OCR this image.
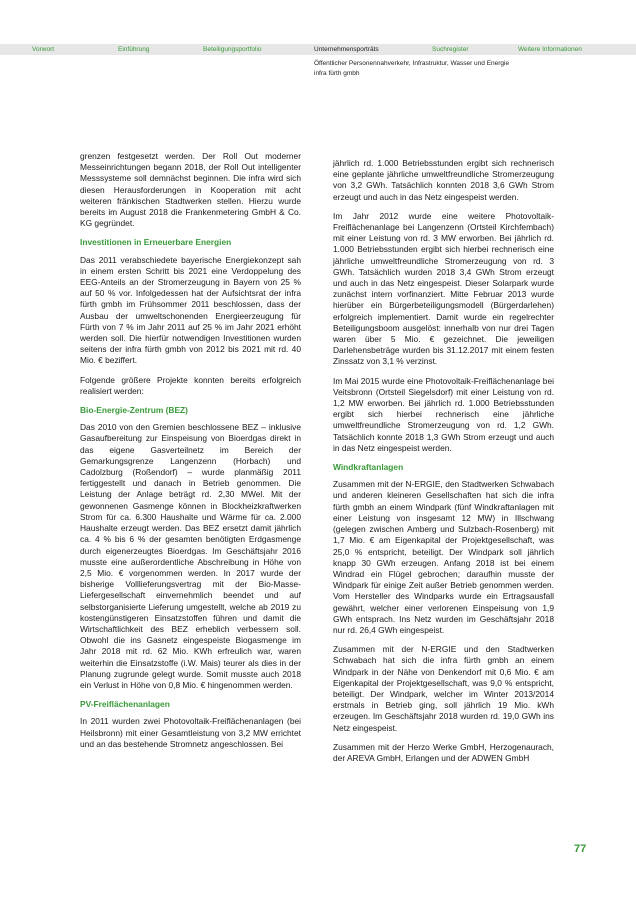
Vorwort	Einführung	Beteiligungsportfolio	Unternehmensporträts	Suchregister	Weitere Informationen
Öffentlicher Personennahverkehr, Infrastruktur, Wasser und Energie
infra fürth gmbh

grenzen festgesetzt werden. Der Roll Out moderner Messeinrichtungen begann 2018, der Roll Out intelligenter Messsysteme soll demnächst beginnen. Die infra wird sich diesen Herausforderungen in Kooperation mit acht weiteren fränkischen Stadtwerken stellen. Hierzu wurde bereits im August 2018 die Frankenmetering GmbH & Co. KG gegründet.

Investitionen in Erneuerbare Energien

Das 2011 verabschiedete bayerische Energiekonzept sah in einem ersten Schritt bis 2021 eine Verdoppelung des EEG-Anteils an der Stromerzeugung in Bayern von 25 % auf 50 % vor. Infolgedessen hat der Aufsichtsrat der infra fürth gmbh im Frühsommer 2011 beschlossen, dass der Ausbau der umweltschonenden Energieerzeugung für Fürth von 7 % im Jahr 2011 auf 25 % im Jahr 2021 erhöht werden soll. Die hierfür notwendigen Investitionen wurden seitens der infra fürth gmbh von 2012 bis 2021 mit rd. 40 Mio. € beziffert.

Folgende größere Projekte konnten bereits erfolgreich realisiert werden:

Bio-Energie-Zentrum (BEZ)

Das 2010 von den Gremien beschlossene BEZ – inklusive Gasaufbereitung zur Einspeisung von Bioerdgas direkt in das eigene Gasverteilnetz im Bereich der Gemarkungsgrenze Langenzenn (Horbach) und Cadolzburg (Roßendorf) – wurde planmäßig 2011 fertiggestellt und danach in Betrieb genommen. Die Leistung der Anlage beträgt rd. 2,30 MWel. Mit der gewonnenen Gasmenge können in Blockheizkraftwerken Strom für ca. 6.300 Haushalte und Wärme für ca. 2.000 Haushalte erzeugt werden. Das BEZ ersetzt damit jährlich ca. 4 % bis 6 % der gesamten benötigten Erdgasmenge durch eigenerzeugtes Bioerdgas. Im Geschäftsjahr 2016 musste eine außerordentliche Abschreibung in Höhe von 2,5 Mio. € vorgenommen werden. In 2017 wurde der bisherige Volllieferungsvertrag mit der Bio-Masse-Liefergesellschaft einvernehmlich beendet und auf selbstorganisierte Lieferung umgestellt, welche ab 2019 zu kostengünstigeren Einsatzstoffen führen und damit die Wirtschaftlichkeit des BEZ erheblich verbessern soll. Obwohl die ins Gasnetz eingespeiste Biogasmenge im Jahr 2018 mit rd. 62 Mio. KWh erfreulich war, waren weiterhin die Einsatzstoffe (i.W. Mais) teurer als dies in der Planung zugrunde gelegt wurde. Somit musste auch 2018 ein Verlust in Höhe von 0,8 Mio. € hingenommen werden.

PV-Freiflächenanlagen

In 2011 wurden zwei Photovoltaik-Freiflächenanlagen (bei Heilsbronn) mit einer Gesamtleistung von 3,2 MW errichtet und an das bestehende Stromnetz angeschlossen. Bei

jährlich rd. 1.000 Betriebsstunden ergibt sich rechnerisch eine geplante jährliche umweltfreundliche Stromerzeugung von 3,2 GWh. Tatsächlich konnten 2018 3,6 GWh Strom erzeugt und auch in das Netz eingespeist werden.

Im Jahr 2012 wurde eine weitere Photovoltaik-Freiflächenanlage bei Langenzenn (Ortsteil Kirchfembach) mit einer Leistung von rd. 3 MW erworben. Bei jährlich rd. 1.000 Betriebsstunden ergibt sich hierbei rechnerisch eine jährliche umweltfreundliche Stromerzeugung von rd. 3 GWh. Tatsächlich wurden 2018 3,4 GWh Strom erzeugt und auch in das Netz eingespeist. Dieser Solarpark wurde zunächst intern vorfinanziert. Mitte Februar 2013 wurde hierüber ein Bürgerbeteiligungsmodell (Bürgerdarlehen) erfolgreich implementiert. Damit wurde ein regelrechter Beteiligungsboom ausgelöst: innerhalb von nur drei Tagen waren über 5 Mio. € gezeichnet. Die jeweiligen Darlehensbeträge wurden bis 31.12.2017 mit einem festen Zinssatz von 3,1 % verzinst.

Im Mai 2015 wurde eine Photovoltaik-Freiflächenanlage bei Veitsbronn (Ortsteil Siegelsdorf) mit einer Leistung von rd. 1,2 MW erworben. Bei jährlich rd. 1.000 Betriebsstunden ergibt sich hierbei rechnerisch eine jährliche umweltfreundliche Stromerzeugung von rd. 1,2 GWh. Tatsächlich konnte 2018 1,3 GWh Strom erzeugt und auch in das Netz eingespeist werden.

Windkraftanlagen

Zusammen mit der N-ERGIE, den Stadtwerken Schwabach und anderen kleineren Gesellschaften hat sich die infra fürth gmbh an einem Windpark (fünf Windkraftanlagen mit einer Leistung von insgesamt 12 MW) in Illschwang (gelegen zwischen Amberg und Sulzbach-Rosenberg) mit 1,7 Mio. € am Eigenkapital der Projektgesellschaft, was 25,0 % entspricht, beteiligt. Der Windpark soll jährlich knapp 30 GWh erzeugen. Anfang 2018 ist bei einem Windrad ein Flügel gebrochen; daraufhin musste der Windpark für einige Zeit außer Betrieb genommen werden. Vom Hersteller des Windparks wurde ein Ertragsausfall gewährt, welcher einer verlorenen Einspeisung von 1,9 GWh entsprach. Ins Netz wurden im Geschäftsjahr 2018 nur rd. 26,4 GWh eingespeist.

Zusammen mit der N-ERGIE und den Stadtwerken Schwabach hat sich die infra fürth gmbh an einem Windpark in der Nähe von Denkendorf mit 0,6 Mio. € am Eigenkapital der Projektgesellschaft, was 9,0 % entspricht, beteiligt. Der Windpark, welcher im Winter 2013/2014 erstmals in Betrieb ging, soll jährlich 19 Mio. kWh erzeugen. Im Geschäftsjahr 2018 wurden rd. 19,0 GWh ins Netz eingespeist.

Zusammen mit der Herzo Werke GmbH, Herzogenaurach, der AREVA GmbH, Erlangen und der ADWEN GmbH

77
